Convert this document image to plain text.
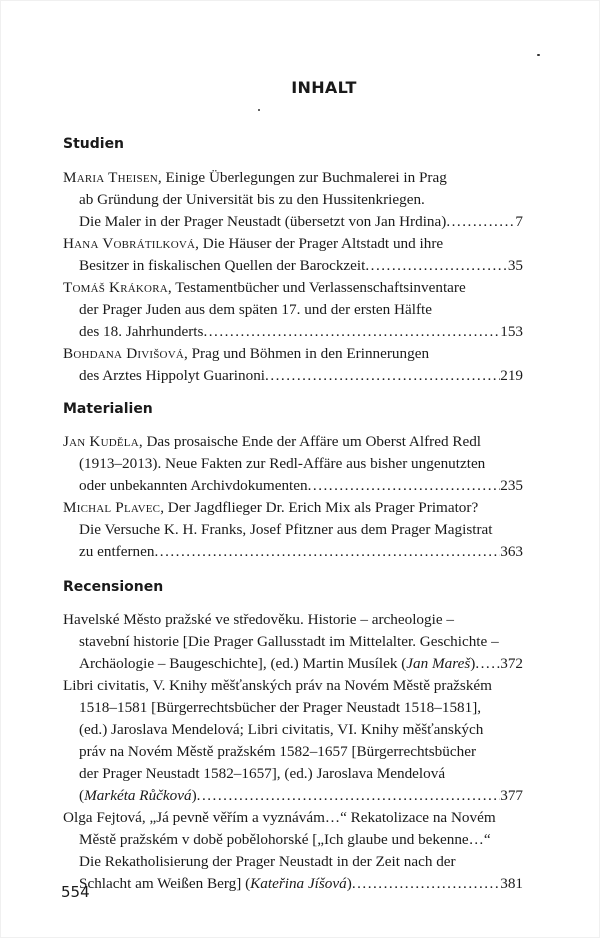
INHALT
Studien
Maria Theisen , Einige Überlegungen zur Buchmalerei in Prag
ab Gründung der Universität bis zu den Hussitenkriegen.
Die Maler in der Prager Neustadt (übersetzt von Jan Hrdina) .....	7
Hana Vobrátilková , Die Häuser der Prager Altstadt und ihre
Besitzer in fiskalischen Quellen der Barockzeit .....	35
Tomáš Krákora , Testamentbücher und Verlassenschaftsinventare
der Prager Juden aus dem späten 17. und der ersten Hälfte
des 18. Jahrhunderts .....	153
Bohdana Divišová , Prag und Böhmen in den Erinnerungen
des Arztes Hippolyt Guarinoni .....	219
Materialien
Jan Kuděla , Das prosaische Ende der Affäre um Oberst Alfred Redl
(1913–2013). Neue Fakten zur Redl-Affäre aus bisher ungenutzten
oder unbekannten Archivdokumenten .....	235
Michal Plavec , Der Jagdflieger Dr. Erich Mix als Prager Primator?
Die Versuche K. H. Franks, Josef Pfitzner aus dem Prager Magistrat
zu entfernen .....	363
Recensionen
Havelské Město pražské ve středověku. Historie – archeologie –
stavební historie [Die Prager Gallusstadt im Mittelalter. Geschichte –
Archäologie – Baugeschichte], (ed.) Martin Musílek (Jan Mareš) ..... 372
Libri civitatis, V. Knihy měšťanských práv na Novém Městě pražském
1518–1581 [Bürgerrechtsbücher der Prager Neustadt 1518–1581],
(ed.) Jaroslava Mendelová; Libri civitatis, VI. Knihy měšťanských
práv na Novém Městě pražském 1582–1657 [Bürgerrechtsbücher
der Prager Neustadt 1582–1657], (ed.) Jaroslava Mendelová
(Markéta Růčková) .....	377
Olga Fejtová, „Já pevně věřím a vyznávám…“ Rekatolizace na Novém
Městě pražském v době pobělohorské [„Ich glaube und bekenne…“
Die Rekatholisierung der Prager Neustadt in der Zeit nach der
Schlacht am Weißen Berg] (Kateřina Jíšová) .....	381
554
